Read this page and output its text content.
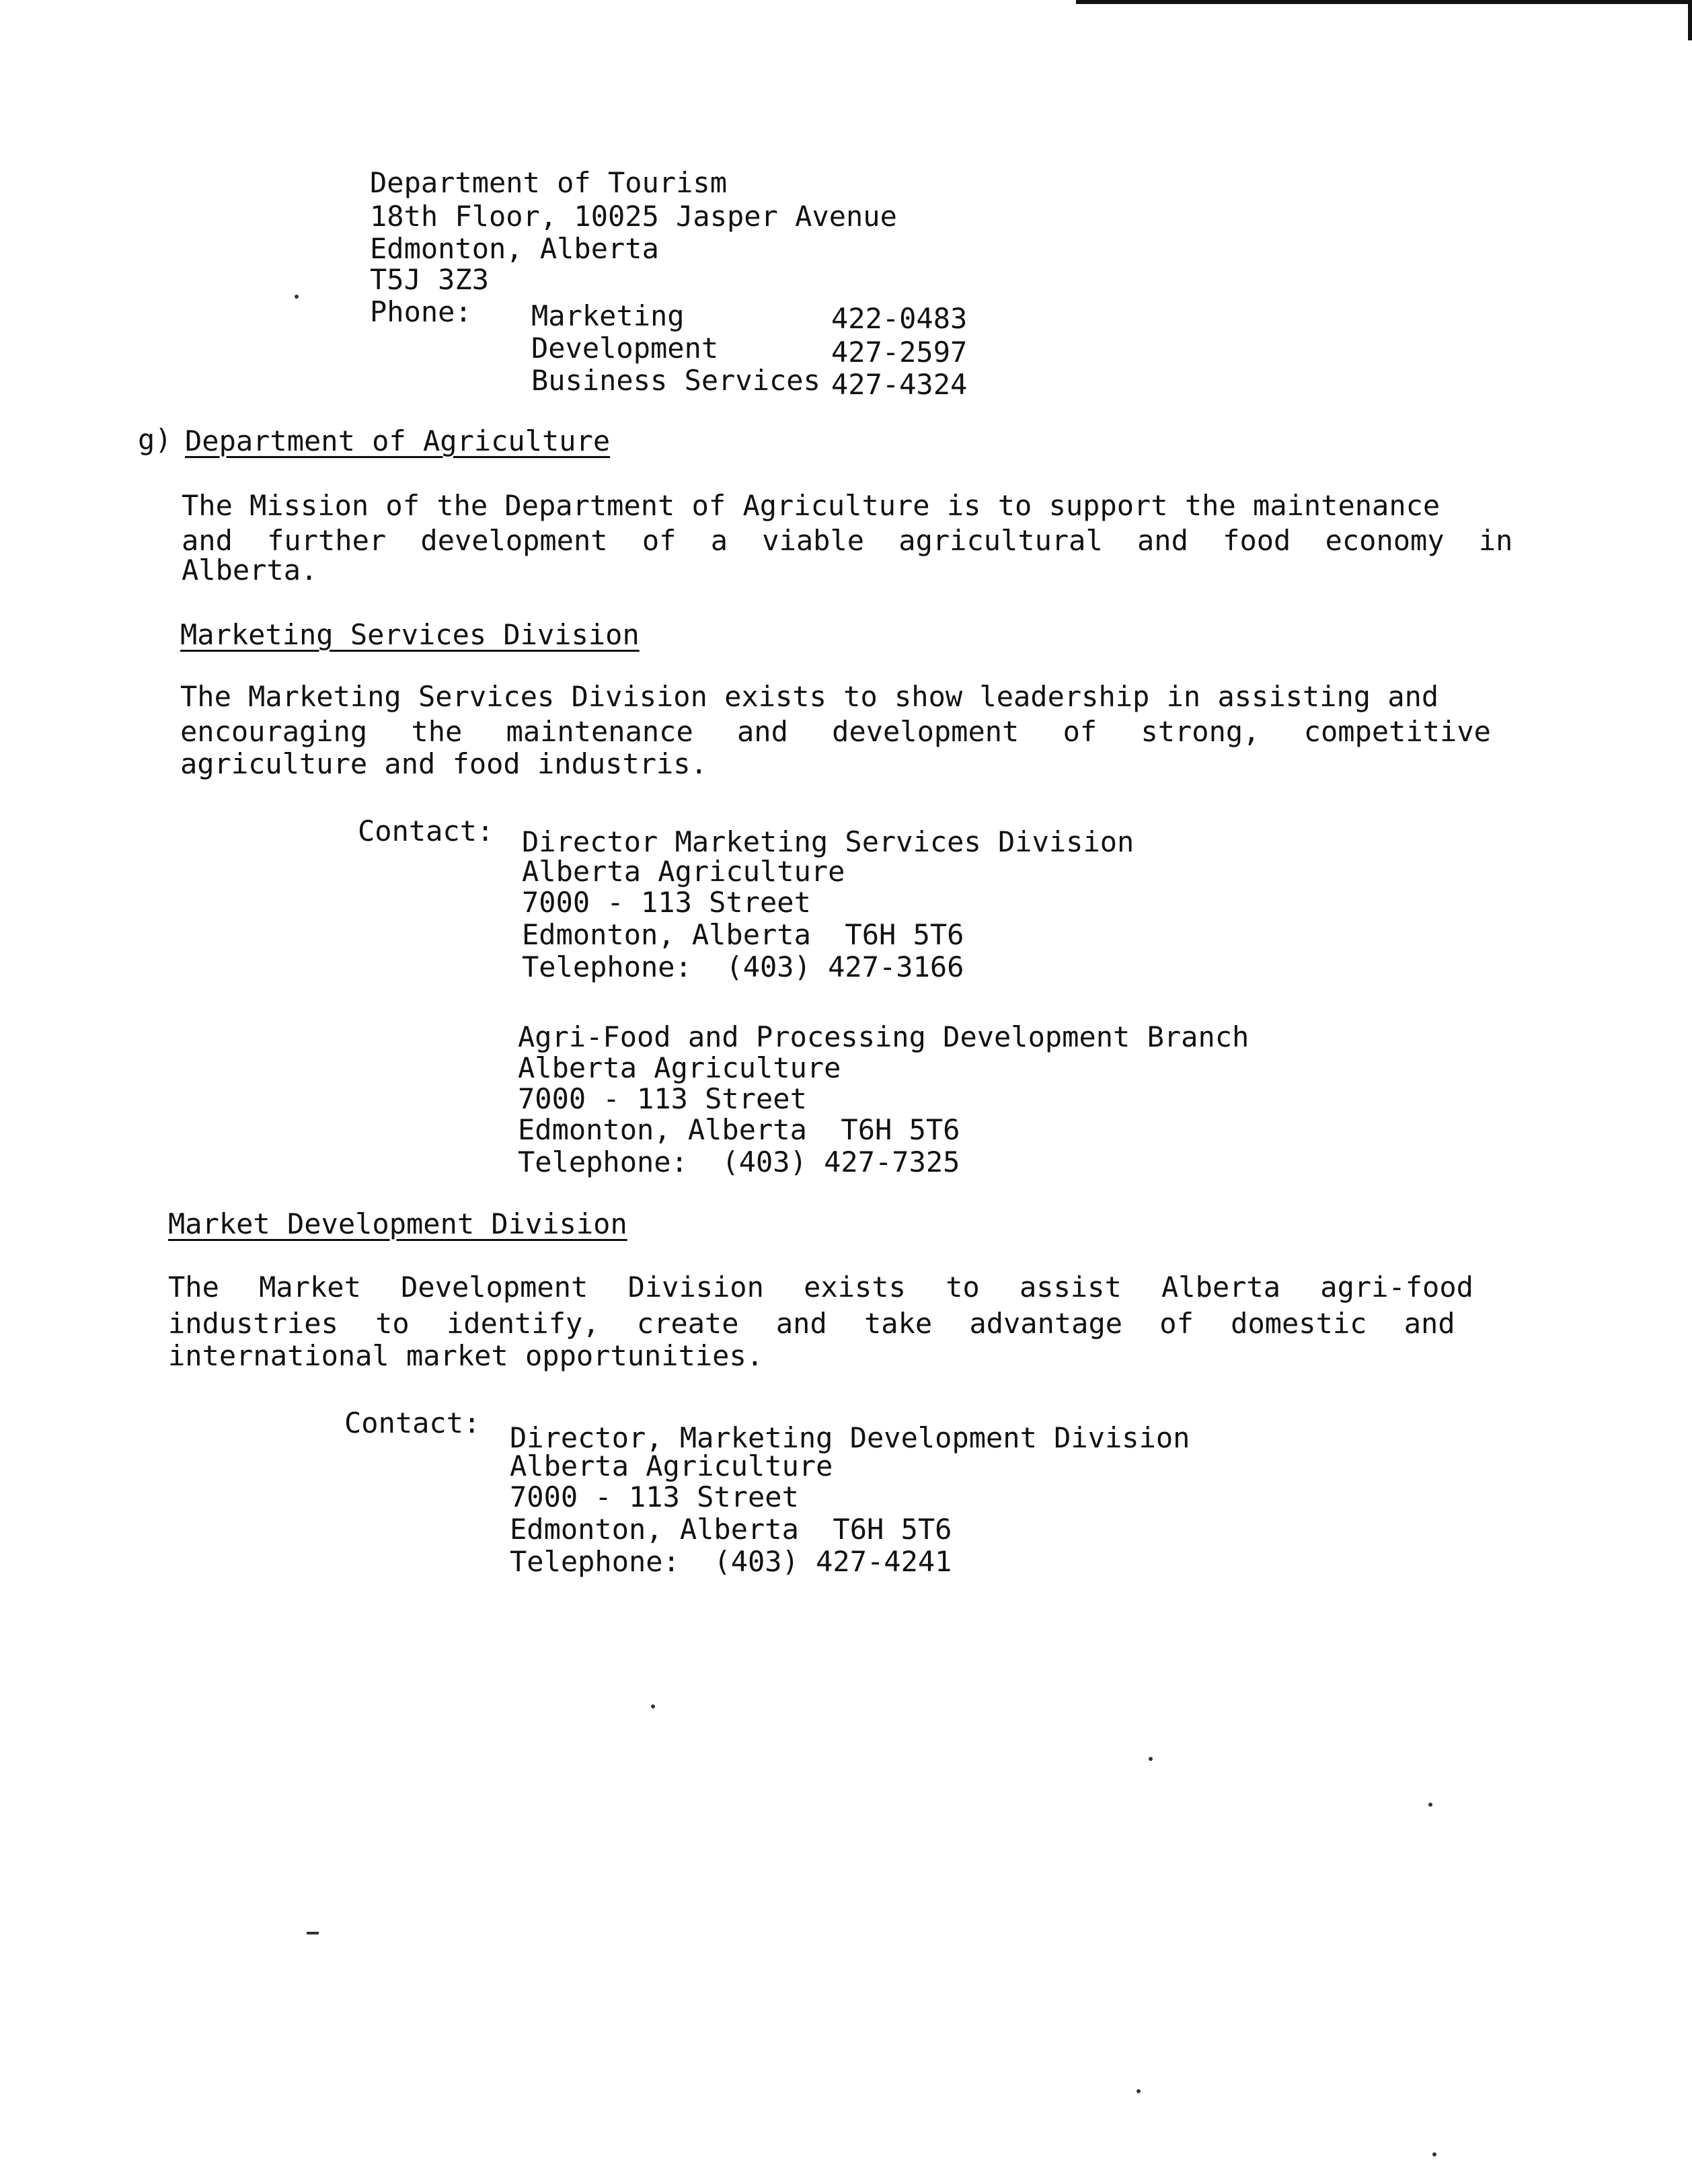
Department of Tourism
18th Floor, 10025 Jasper Avenue
Edmonton, Alberta
T5J 3Z3
Phone: Marketing	422-0483
Development	427-2597
Business Services 427-4324
g) Department of Agriculture
The Mission of the Department of Agriculture is to support the maintenance
and further development of a viable agricultural and food economy in
Alberta.
Marketing Services Division
The Marketing Services Division exists to show leadership in assisting and
encouraging the maintenance and development of strong, competitive
agriculture and food industris.
Contact: Director Marketing Services Division
Alberta Agriculture
7000 - 113 Street
Edmonton, Alberta  T6H 5T6
Telephone:  (403) 427-3166
Agri-Food and Processing Development Branch
Alberta Agriculture
7000 - 113 Street
Edmonton, Alberta  T6H 5T6
Telephone:  (403) 427-7325
Market Development Division
The Market Development Division exists to assist Alberta agri-food
industries to identify, create and take advantage of domestic and
international market opportunities.
Contact: Director, Marketing Development Division
Alberta Agriculture
7000 - 113 Street
Edmonton, Alberta  T6H 5T6
Telephone:  (403) 427-4241
